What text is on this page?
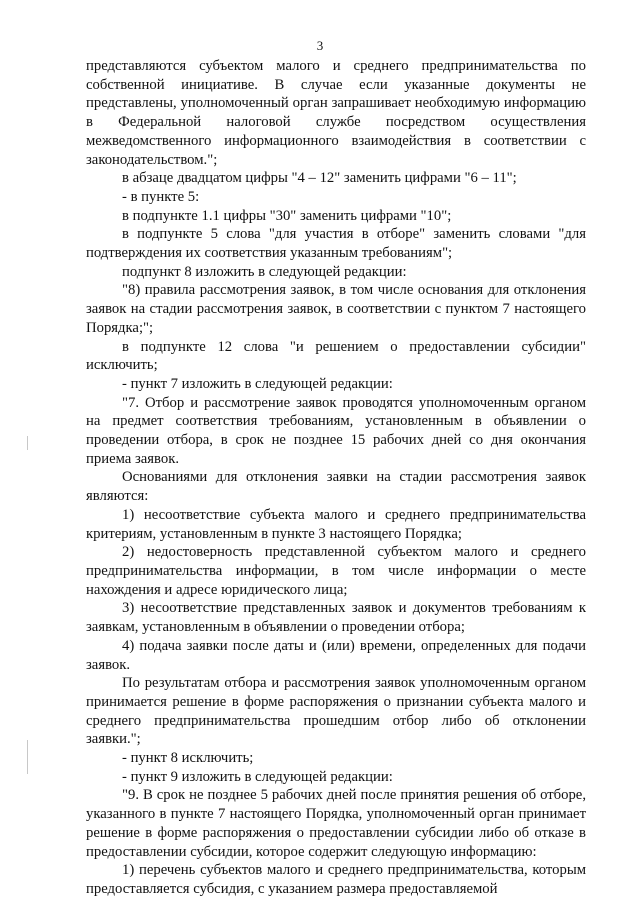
3

представляются субъектом малого и среднего предпринимательства по собственной инициативе. В случае если указанные документы не представлены, уполномоченный орган запрашивает необходимую информацию в Федеральной налоговой службе посредством осуществления межведомственного информационного взаимодействия в соответствии с законодательством.";

в абзаце двадцатом цифры "4 – 12" заменить цифрами "6 – 11";

- в пункте 5:

в подпункте 1.1 цифры "30" заменить цифрами "10";

в подпункте 5 слова "для участия в отборе" заменить словами "для подтверждения их соответствия указанным требованиям";

подпункт 8 изложить в следующей редакции:

"8) правила рассмотрения заявок, в том числе основания для отклонения заявок на стадии рассмотрения заявок, в соответствии с пунктом 7 настоящего Порядка;";

в подпункте 12 слова "и решением о предоставлении субсидии" исключить;

- пункт 7 изложить в следующей редакции:

"7. Отбор и рассмотрение заявок проводятся уполномоченным органом на предмет соответствия требованиям, установленным в объявлении о проведении отбора, в срок не позднее 15 рабочих дней со дня окончания приема заявок.

Основаниями для отклонения заявки на стадии рассмотрения заявок являются:

1) несоответствие субъекта малого и среднего предпринимательства критериям, установленным в пункте 3 настоящего Порядка;

2) недостоверность представленной субъектом малого и среднего предпринимательства информации, в том числе информации о месте нахождения и адресе юридического лица;

3) несоответствие представленных заявок и документов требованиям к заявкам, установленным в объявлении о проведении отбора;

4) подача заявки после даты и (или) времени, определенных для подачи заявок.

По результатам отбора и рассмотрения заявок уполномоченным органом принимается решение в форме распоряжения о признании субъекта малого и среднего предпринимательства прошедшим отбор либо об отклонении заявки.";

- пункт 8 исключить;

- пункт 9 изложить в следующей редакции:

"9. В срок не позднее 5 рабочих дней после принятия решения об отборе, указанного в пункте 7 настоящего Порядка, уполномоченный орган принимает решение в форме распоряжения о предоставлении субсидии либо об отказе в предоставлении субсидии, которое содержит следующую информацию:

1) перечень субъектов малого и среднего предпринимательства, которым предоставляется субсидия, с указанием размера предоставляемой
